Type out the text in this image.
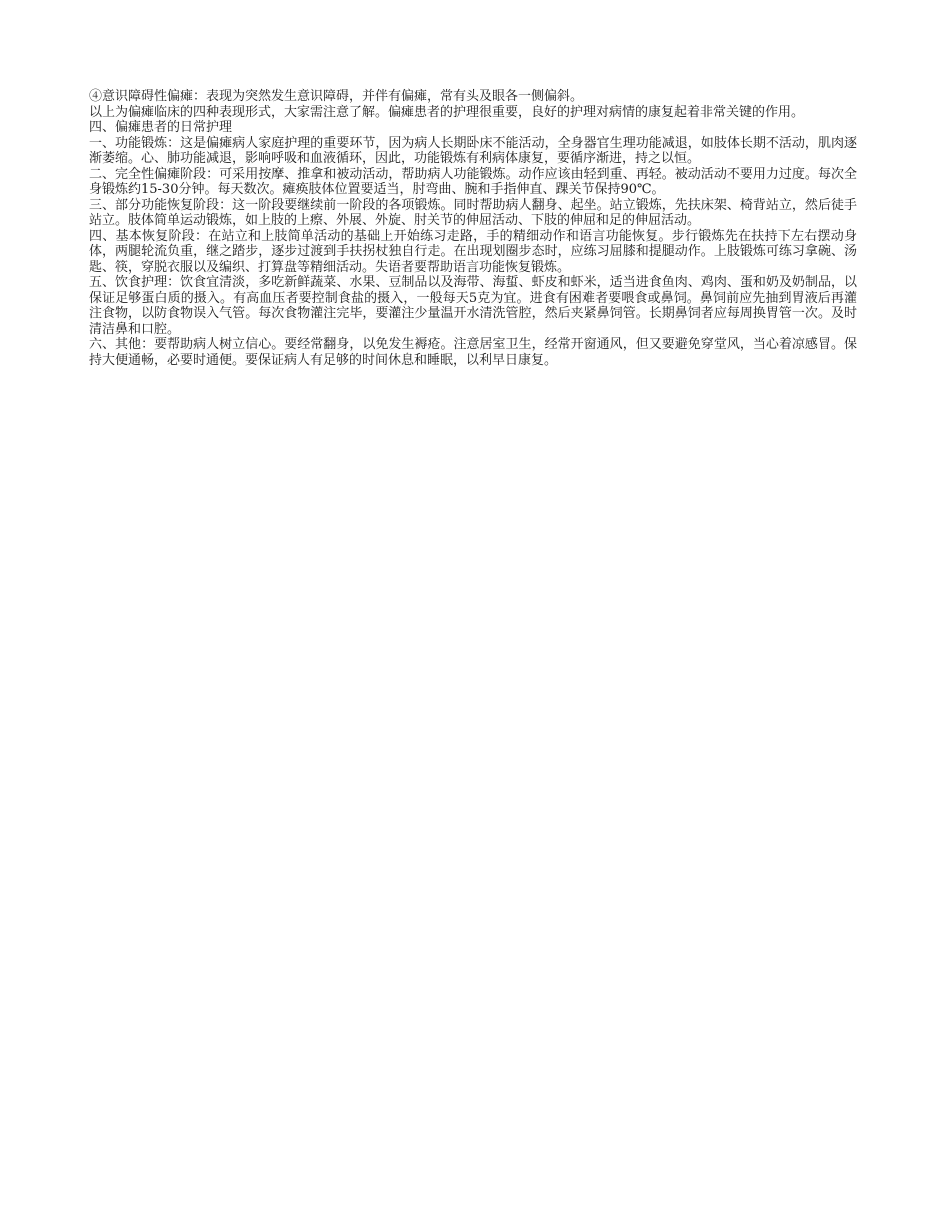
④意识障碍性偏瘫：表现为突然发生意识障碍，并伴有偏瘫，常有头及眼各一侧偏斜。

以上为偏瘫临床的四种表现形式，大家需注意了解。偏瘫患者的护理很重要，良好的护理对病情的康复起着非常关键的作用。

四、偏瘫患者的日常护理

一、功能锻炼：这是偏瘫病人家庭护理的重要环节，因为病人长期卧床不能活动，全身器官生理功能减退，如肢体长期不活动，肌肉逐渐萎缩。心、肺功能减退，影响呼吸和血液循环，因此，功能锻炼有利病体康复，要循序渐进，持之以恒。

二、完全性偏瘫阶段：可采用按摩、推拿和被动活动，帮助病人功能锻炼。动作应该由轻到重、再轻。被动活动不要用力过度。每次全身锻炼约15-30分钟。每天数次。瘫痪肢体位置要适当，肘弯曲、腕和手指伸直、踝关节保持90℃。

三、部分功能恢复阶段：这一阶段要继续前一阶段的各项锻炼。同时帮助病人翻身、起坐。站立锻炼，先扶床架、椅背站立，然后徒手站立。肢体简单运动锻炼，如上肢的上瘵、外展、外旋、肘关节的伸屈活动、下肢的伸屈和足的伸屈活动。

四、基本恢复阶段：在站立和上肢简单活动的基础上开始练习走路，手的精细动作和语言功能恢复。步行锻炼先在扶持下左右摆动身体，两腿轮流负重，继之踏步，逐步过渡到手扶拐杖独自行走。在出现划圈步态时，应练习屈膝和提腿动作。上肢锻炼可练习拿碗、汤匙、筷，穿脱衣服以及编织、打算盘等精细活动。失语者要帮助语言功能恢复锻炼。

五、饮食护理：饮食宜清淡，多吃新鲜蔬菜、水果、豆制品以及海带、海蜇、虾皮和虾米，适当进食鱼肉、鸡肉、蛋和奶及奶制品，以保证足够蛋白质的摄入。有高血压者要控制食盐的摄入，一般每天5克为宜。进食有困难者要喂食或鼻饲。鼻饲前应先抽到胃液后再灌注食物，以防食物误入气管。每次食物灌注完毕，要灌注少量温开水清洗管腔，然后夹紧鼻饲管。长期鼻饲者应每周换胃管一次。及时清洁鼻和口腔。

六、其他：要帮助病人树立信心。要经常翻身，以免发生褥疮。注意居室卫生，经常开窗通风，但又要避免穿堂风，当心着凉感冒。保持大便通畅，必要时通便。要保证病人有足够的时间休息和睡眠，以利早日康复。
